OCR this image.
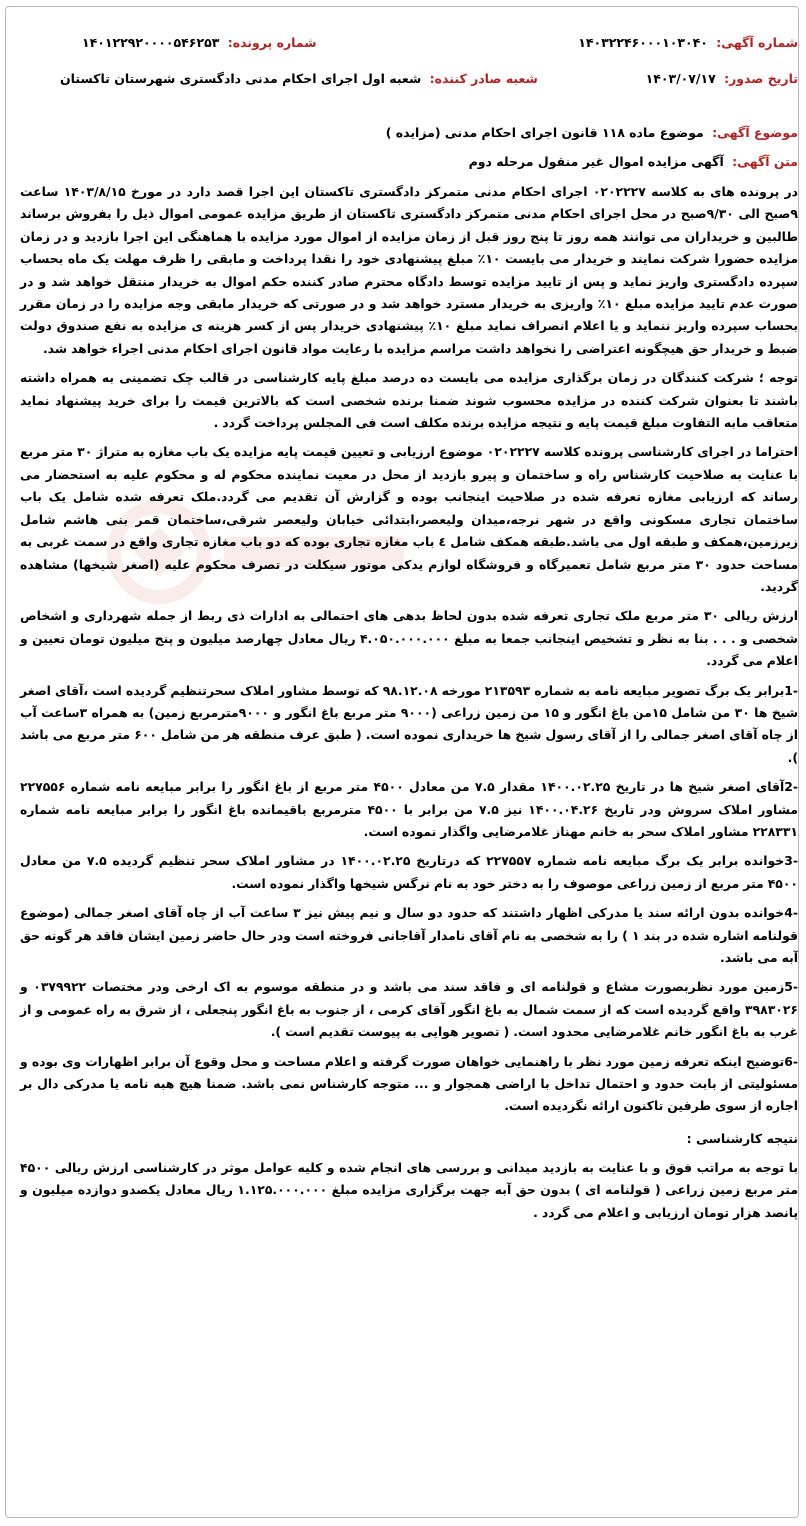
شماره آگهی: ۱۴۰۳۲۲۴۶۰۰۰۱۰۳۰۴۰
شماره پرونده: ۱۴۰۱۲۲۹۲۰۰۰۰۵۴۶۲۵۳
تاریخ صدور: ۱۴۰۳/۰۷/۱۷
شعبه صادر کننده: شعبه اول اجرای احکام مدنی دادگستری شهرستان تاکستان
موضوع آگهی: موضوع ماده ۱۱۸ قانون اجرای احکام مدنی (مزایده )
متن آگهی: آگهی مزایده اموال غیر منقول مرحله دوم
در پرونده های به کلاسه ۰۲۰۲۲۲۷ اجرای احکام مدنی متمرکز دادگستری تاکستان این اجرا قصد دارد در مورخ ۱۴۰۳/۸/۱۵ ساعت ۹صبح الی ۹/۳۰صبح در محل اجرای احکام مدنی متمرکز دادگستری تاکستان از طریق مزایده عمومی اموال ذیل را بفروش برساند طالبین و خریداران می توانند همه روز تا پنج روز قبل از زمان مزایده از اموال مورد مزایده با هماهنگی این اجرا بازدید و در زمان مزایده حضورا شرکت نمایند و خریدار می بایست ۱۰٪ مبلغ پیشنهادی خود را نقدا پرداخت و مابقی را ظرف مهلت یک ماه بحساب سپرده دادگستری واریز نماید و پس از تایید مزایده توسط دادگاه محترم صادر کننده حکم اموال به خریدار منتقل خواهد شد و در صورت عدم تایید مزایده مبلغ ۱۰٪ واریزی به خریدار مسترد خواهد شد و در صورتی که خریدار مابقی وجه مزایده را در زمان مقرر بحساب سپرده واریز ننماید و یا اعلام انصراف نماید مبلغ ۱۰٪ پیشنهادی خریدار پس از کسر هزینه ی مزایده به نفع صندوق دولت ضبط و خریدار حق هیچگونه اعتراضی را نخواهد داشت مراسم مزایده با رعایت مواد قانون اجرای احکام مدنی اجراء خواهد شد.
توجه ؛ شرکت کنندگان در زمان برگذاری مزایده می بایست ده درصد مبلغ پایه کارشناسی در قالب چک تضمینی به همراه داشته باشند تا بعنوان شرکت کننده در مزایده محسوب شوند ضمنا برنده شخصی است که بالاترین قیمت را برای خرید پیشنهاد نماید متعاقب مابه التفاوت مبلغ قیمت پایه و نتیجه مزایده برنده مکلف است فی المجلس پرداخت گردد .
احتراما در اجرای کارشناسی پرونده کلاسه ۰۲۰۲۲۲۷ موضوع ارزیابی و تعیین قیمت پایه مزایده یک باب مغازه به متراژ ۳۰ متر مربع با عنایت به صلاحیت کارشناس راه و ساختمان و پیرو بازدید از محل در معیت نماینده محکوم له و محکوم علیه به استحضار می رساند که ارزیابی مغازه تعرفه شده در صلاحیت اینجانب بوده و گزارش آن تقدیم می گردد.ملک تعرفه شده شامل یک باب ساختمان تجاری مسکونی واقع در شهر نرجه،میدان ولیعصر،ابتدائی خیابان ولیعصر شرقی،ساختمان قمر بنی هاشم شامل زیرزمین،همکف و طبقه اول می باشد.طبقه همکف شامل ٤ باب مغازه تجاری بوده که دو باب مغازه تجاری واقع در سمت غربی به مساحت حدود ۳۰ متر مربع شامل تعمیرگاه و فروشگاه لوازم یدکی موتور سیکلت در تصرف محکوم علیه (اصغر شیخها) مشاهده گردید.
ارزش ریالی ۳۰ متر مربع ملک تجاری تعرفه شده بدون لحاظ بدهی های احتمالی به ادارات ذی ربط از جمله شهرداری و اشخاص شخصی و . . . بنا به نظر و تشخیص اینجانب جمعا به مبلغ ۴.۰۵۰.۰۰۰.۰۰۰ ریال معادل چهارصد میلیون و پنج میلیون تومان تعیین و اعلام می گردد.
-1برابر یک برگ تصویر مبایعه نامه به شماره ۲۱۳۵۹۳ مورخه ۹۸.۱۲.۰۸ که توسط مشاور املاک سحرتنظیم گردیده است ،آقای اصغر شیخ ها ۳۰ من شامل ۱۵من باغ انگور و ۱۵ من زمین زراعی (۹۰۰۰ متر مربع باغ انگور و ۹۰۰۰مترمربع زمین) به همراه ۳ساعت آب از چاه آقای اصغر جمالی را از آقای رسول شیخ ها خریداری نموده است. ( طبق عرف منطقه هر من شامل ۶۰۰ متر مربع می باشد ).
-2آقای اصغر شیخ ها در تاریخ ۱۴۰۰.۰۲.۲۵ مقدار ۷.۵ من معادل ۴۵۰۰ متر مربع از باغ انگور را برابر مبایعه نامه شماره ۲۲۷۵۵۶ مشاور املاک سروش ودر تاریخ ۱۴۰۰.۰۴.۲۶ نیز ۷.۵ من برابر با ۴۵۰۰ مترمربع باقیمانده باغ انگور را برابر مبایعه نامه شماره ۲۲۸۳۳۱ مشاور املاک سحر به خانم مهناز غلامرضایی واگذار نموده است.
-3خوانده برابر یک برگ مبایعه نامه شماره ۲۲۷۵۵۷ که درتاریخ ۱۴۰۰.۰۲.۲۵ در مشاور املاک سحر تنظیم گردیده ۷.۵ من معادل ۴۵۰۰ متر مربع از زمین زراعی موصوف را به دختر خود به نام نرگس شیخها واگذار نموده است.
-4خوانده بدون ارائه سند یا مدرکی اظهار داشتند که حدود دو سال و نیم پیش نیز ۳ ساعت آب از چاه آقای اصغر جمالی (موضوع قولنامه اشاره شده در بند ۱ ) را به شخصی به نام آقای نامدار آقاجانی فروخته است ودر حال حاضر زمین ایشان فاقد هر گونه حق آبه می باشد.
-5زمین مورد نظربصورت مشاع و قولنامه ای و فاقد سند می باشد و در منطقه موسوم به اک ارخی ودر مختصات ۰۳۷۹۹۲۲ و ۳۹۸۳۰۲۶ واقع گردیده است که از سمت شمال به باغ انگور آقای کرمی ، از جنوب به باغ انگور پنجعلی ، از شرق به راه عمومی و از غرب به باغ انگور خانم غلامرضایی محدود است. ( تصویر هوایی به پیوست تقدیم است ).
-6توضیح اینکه تعرفه زمین مورد نظر با راهنمایی خواهان صورت گرفته و اعلام مساحت و محل وقوع آن برابر اظهارات وی بوده و مسئولیتی از بابت حدود و احتمال تداخل با اراضی همجوار و ... متوجه کارشناس نمی باشد. ضمنا هیچ هبه نامه یا مدرکی دال بر اجاره از سوی طرفین تاکنون ارائه نگردیده است.
نتیجه کارشناسی :
با توجه به مراتب فوق و با عنایت به بازدید میدانی و بررسی های انجام شده و کلیه عوامل موثر در کارشناسی ارزش ریالی ۴۵۰۰ متر مربع زمین زراعی ( قولنامه ای ) بدون حق آبه جهت برگزاری مزایده مبلغ ۱.۱۲۵.۰۰۰.۰۰۰ ریال معادل یکصدو دوازده میلیون و پانصد هزار تومان ارزیابی و اعلام می گردد .
